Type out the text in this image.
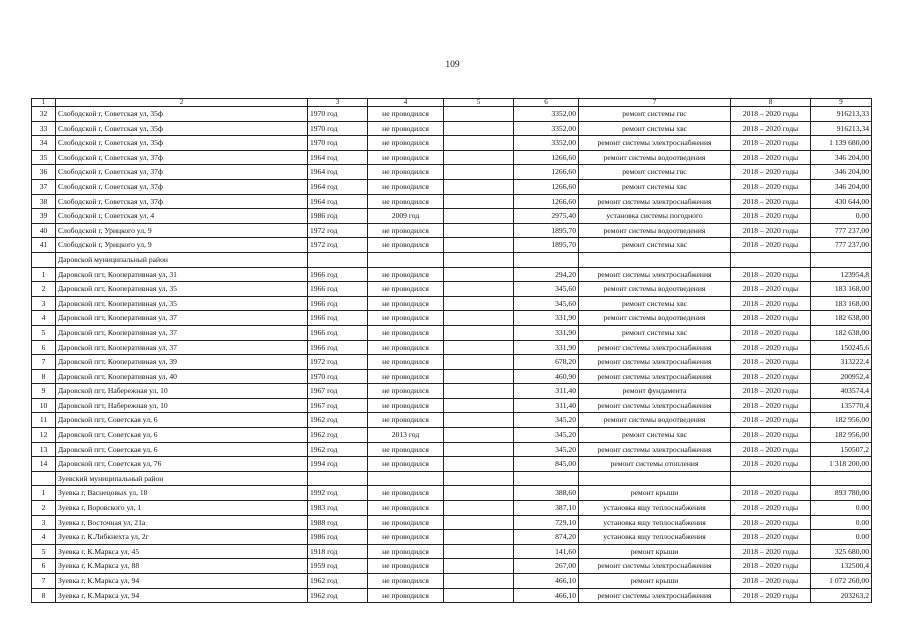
109
1	2	3	4	5	6	7	8	9
32	Слободской г, Советская ул, 35ф	1970 год	не проводился		3352,00	ремонт системы гвс	2018 – 2020 годы	916213,33
33	Слободской г, Советская ул, 35ф	1970 год	не проводился		3352,00	ремонт системы хвс	2018 – 2020 годы	916213,34
34	Слободской г, Советская ул, 35ф	1970 год	не проводился		3352,00	ремонт системы электроснабжения	2018 – 2020 годы	1 139 680,00
35	Слободской г, Советская ул, 37ф	1964 год	не проводился		1266,60	ремонт системы водоотведения	2018 – 2020 годы	346 204,00
36	Слободской г, Советская ул, 37ф	1964 год	не проводился		1266,60	ремонт системы гвс	2018 – 2020 годы	346 204,00
37	Слободской г, Советская ул, 37ф	1964 год	не проводился		1266,60	ремонт системы хвс	2018 – 2020 годы	346 204,00
38	Слободской г, Советская ул, 37ф	1964 год	не проводился		1266,60	ремонт системы электроснабжения	2018 – 2020 годы	430 644,00
39	Слободской г, Советская ул, 4	1986 год	2009 год		2975,40	установка системы погодного	2018 – 2020 годы	0.00
40	Слободской г, Урицкого ул, 9	1972 год	не проводился		1895,70	ремонт системы водоотведения	2018 – 2020 годы	777 237,00
41	Слободской г, Урицкого ул, 9	1972 год	не проводился		1895,70	ремонт системы хвс	2018 – 2020 годы	777 237,00
	Даровской муниципальный район							
1	Даровской пгт, Кооперативная ул, 31	1966 год	не проводился		294,20	ремонт системы электроснабжения	2018 – 2020 годы	123954,8
2	Даровской пгт, Кооперативная ул, 35	1966 год	не проводился		345,60	ремонт системы водоотведения	2018 – 2020 годы	183 168,00
3	Даровской пгт, Кооперативная ул, 35	1966 год	не проводился		345,60	ремонт системы хвс	2018 – 2020 годы	183 168,00
4	Даровской пгт, Кооперативная ул, 37	1966 год	не проводился		331,90	ремонт системы водоотведения	2018 – 2020 годы	182 638,00
5	Даровской пгт, Кооперативная ул, 37	1966 год	не проводился		331,90	ремонт системы хвс	2018 – 2020 годы	182 638,00
6	Даровской пгт, Кооперативная ул, 37	1966 год	не проводился		331,90	ремонт системы электроснабжения	2018 – 2020 годы	150245,6
7	Даровской пгт, Кооперативная ул, 39	1972 год	не проводился		678,20	ремонт системы электроснабжения	2018 – 2020 годы	313222,4
8	Даровской пгт, Кооперативная ул, 40	1970 год	не проводился		460,90	ремонт системы электроснабжения	2018 – 2020 годы	200952,4
9	Даровской пгт, Набережная ул, 10	1967 год	не проводился		311,40	ремонт фундамента	2018 – 2020 годы	403574,4
10	Даровской пгт, Набережная ул, 10	1967 год	не проводился		311,40	ремонт системы электроснабжения	2018 – 2020 годы	135770,4
11	Даровской пгт, Советская ул, 6	1962 год	не проводился		345,20	ремонт системы водоотведения	2018 – 2020 годы	182 956,00
12	Даровской пгт, Советская ул, 6	1962 год	2013 год		345,20	ремонт системы хвс	2018 – 2020 годы	182 956,00
13	Даровской пгт, Советская ул, 6	1962 год	не проводился		345,20	ремонт системы электроснабжения	2018 – 2020 годы	150507,2
14	Даровской пгт, Советская ул, 76	1994 год	не проводился		845,00	ремонт системы отопления	2018 – 2020 годы	1 318 200,00
	Зуевский муниципальный район							
1	Зуевка г, Васнецовых ул, 18	1992 год	не проводился		388,60	ремонт крыши	2018 – 2020 годы	893 780,00
2	Зуевка г, Воровского ул, 1	1983 год	не проводился		387,10	установка ящу теплоснабжения	2018 – 2020 годы	0.00
3	Зуевка г, Восточная ул, 21а	1988 год	не проводился		729,10	установка ящу теплоснабжения	2018 – 2020 годы	0.00
4	Зуевка г, К.Либкнехта ул, 2г	1986 год	не проводился		874,20	установка ящу теплоснабжения	2018 – 2020 годы	0.00
5	Зуевка г, К.Маркса ул, 45	1918 год	не проводился		141,60	ремонт крыши	2018 – 2020 годы	325 680,00
6	Зуевка г, К.Маркса ул, 88	1959 год	не проводился		267,00	ремонт системы электроснабжения	2018 – 2020 годы	132500,4
7	Зуевка г, К.Маркса ул, 94	1962 год	не проводился		466,10	ремонт крыши	2018 – 2020 годы	1 072 260,00
8	Зуевка г, К.Маркса ул, 94	1962 год	не проводился		466,10	ремонт системы электроснабжения	2018 – 2020 годы	203263,2
